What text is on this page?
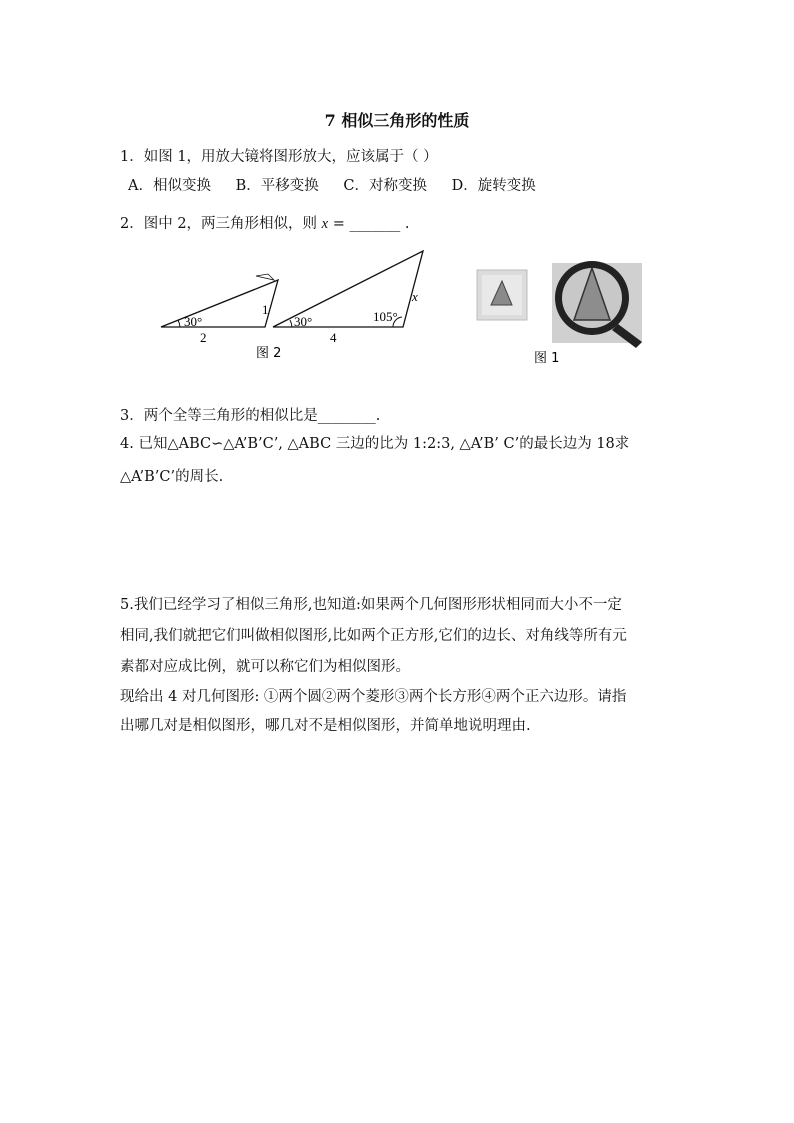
7 相似三角形的性质
1．如图 1，用放大镜将图形放大，应该属于（ ）
A．相似变换 B．平移变换 C．对称变换 D．旋转变换
2．图中 2，两三角形相似，则 x = _______ .
30°
2
1
30°	105°
4
x
图 2	图 1
3．两个全等三角形的相似比是________.
4. 已知△ABC∽△A’B’C’, △ABC 三边的比为 1:2:3, △A’B’ C’的最长边为 18求
△A’B’C’的周长.
5.我们已经学习了相似三角形,也知道:如果两个几何图形形状相同而大小不一定
相同,我们就把它们叫做相似图形,比如两个正方形,它们的边长、对角线等所有元
素都对应成比例，就可以称它们为相似图形。
现给出 4 对几何图形: ①两个圆②两个菱形③两个长方形④两个正六边形。请指
出哪几对是相似图形，哪几对不是相似图形，并简单地说明理由.
